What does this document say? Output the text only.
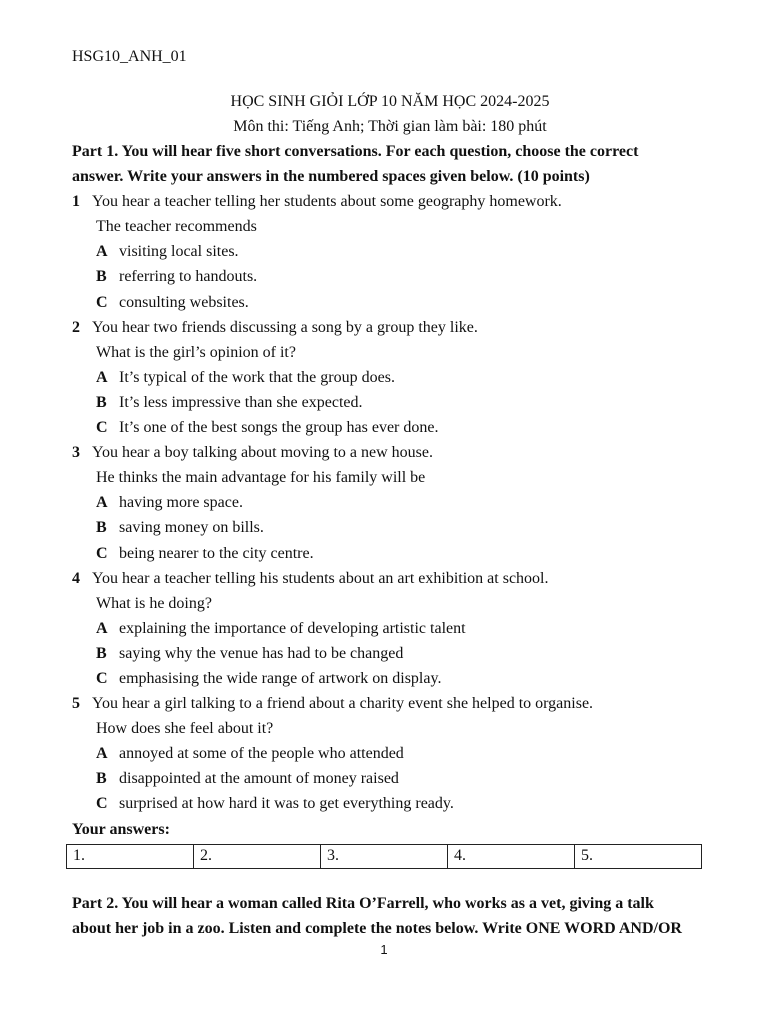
HSG10_ANH_01
HỌC SINH GIỎI LỚP 10 NĂM HỌC 2024-2025
Môn thi: Tiếng Anh; Thời gian làm bài: 180 phút
Part 1. You will hear five short conversations. For each question, choose the correct
answer. Write your answers in the numbered spaces given below. (10 points)
1 You hear a teacher telling her students about some geography homework.
The teacher recommends
A visiting local sites.
B referring to handouts.
C consulting websites.
2 You hear two friends discussing a song by a group they like.
What is the girl’s opinion of it?
A It’s typical of the work that the group does.
B It’s less impressive than she expected.
C It’s one of the best songs the group has ever done.
3 You hear a boy talking about moving to a new house.
He thinks the main advantage for his family will be
A having more space.
B saving money on bills.
C being nearer to the city centre.
4 You hear a teacher telling his students about an art exhibition at school.
What is he doing?
A explaining the importance of developing artistic talent
B saying why the venue has had to be changed
C emphasising the wide range of artwork on display.
5 You hear a girl talking to a friend about a charity event she helped to organise.
How does she feel about it?
A annoyed at some of the people who attended
B disappointed at the amount of money raised
C surprised at how hard it was to get everything ready.
Your answers:
1.	2.	3.	4.	5.
Part 2. You will hear a woman called Rita O’Farrell, who works as a vet, giving a talk
about her job in a zoo. Listen and complete the notes below. Write ONE WORD AND/OR
1
